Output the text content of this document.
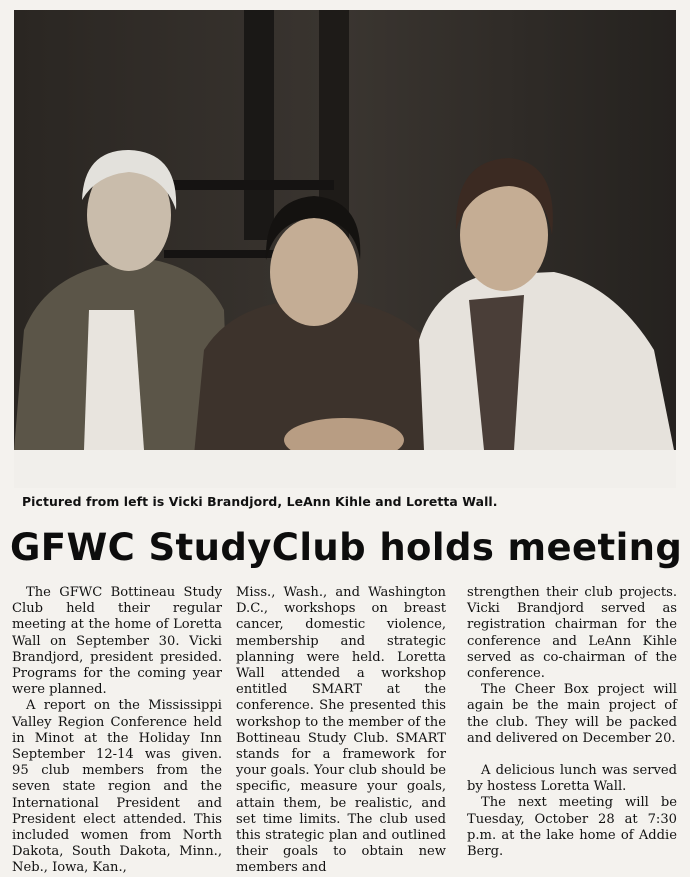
Pictured from left is Vicki Brandjord, LeAnn Kihle and Loretta Wall.
GFWC StudyClub holds meeting

The GFWC Bottineau Study Club held their regular meeting at the home of Loretta Wall on September 30. Vicki Brandjord, president presided. Programs for the coming year were planned.

A report on the Mississippi Valley Region Conference held in Minot at the Holiday Inn September 12-14 was given. 95 club members from the seven state region and the International President and President elect attended. This included women from North Dakota, South Dakota, Minn., Neb., Iowa, Kan.,

Miss., Wash., and Washington D.C., workshops on breast cancer, domestic violence, membership and strategic planning were held. Loretta Wall attended a workshop entitled SMART at the conference. She presented this workshop to the member of the Bottineau Study Club. SMART stands for a framework for your goals. Your club should be specific, measure your goals, attain them, be realistic, and set time limits. The club used this strategic plan and outlined their goals to obtain new members and

strengthen their club projects. Vicki Brandjord served as registration chairman for the conference and LeAnn Kihle served as co-chairman of the conference.

The Cheer Box project will again be the main project of the club. They will be packed and delivered on December 20.

A delicious lunch was served by hostess Loretta Wall.

The next meeting will be Tuesday, October 28 at 7:30 p.m. at the lake home of Addie Berg.
